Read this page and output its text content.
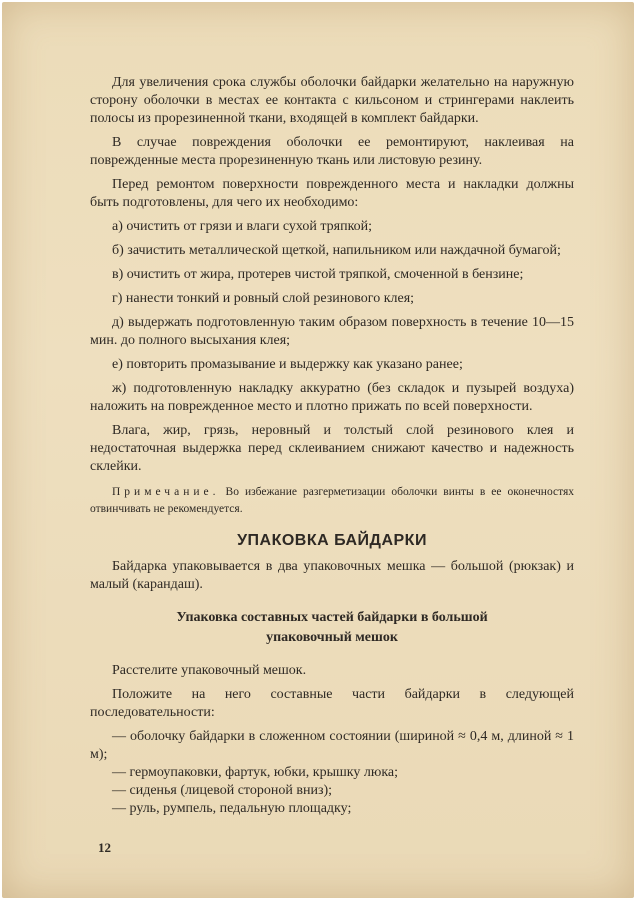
Для увеличения срока службы оболочки байдарки желательно на наружную сторону оболочки в местах ее контакта с кильсоном и стрингерами наклеить полосы из прорезиненной ткани, входящей в комплект байдарки.

В случае повреждения оболочки ее ремонтируют, наклеивая на поврежденные места прорезиненную ткань или листовую резину.

Перед ремонтом поверхности поврежденного места и накладки должны быть подготовлены, для чего их необходимо:

а) очистить от грязи и влаги сухой тряпкой;

б) зачистить металлической щеткой, напильником или наждачной бумагой;

в) очистить от жира, протерев чистой тряпкой, смоченной в бензине;

г) нанести тонкий и ровный слой резинового клея;

д) выдержать подготовленную таким образом поверхность в течение 10—15 мин. до полного высыхания клея;

е) повторить промазывание и выдержку как указано ранее;

ж) подготовленную накладку аккуратно (без складок и пузырей воздуха) наложить на поврежденное место и плотно прижать по всей поверхности.

Влага, жир, грязь, неровный и толстый слой резинового клея и недостаточная выдержка перед склеиванием снижают качество и надежность склейки.

Примечание. Во избежание разгерметизации оболочки винты в ее оконечностях отвинчивать не рекомендуется.

УПАКОВКА БАЙДАРКИ

Байдарка упаковывается в два упаковочных мешка — большой (рюкзак) и малый (карандаш).

Упаковка составных частей байдарки в большой
упаковочный мешок

Расстелите упаковочный мешок.

Положите на него составные части байдарки в следующей последовательности:

— оболочку байдарки в сложенном состоянии (шириной ≈ 0,4 м, длиной ≈ 1 м);

— гермоупаковки, фартук, юбки, крышку люка;

— сиденья (лицевой стороной вниз);

— руль, румпель, педальную площадку;

12
